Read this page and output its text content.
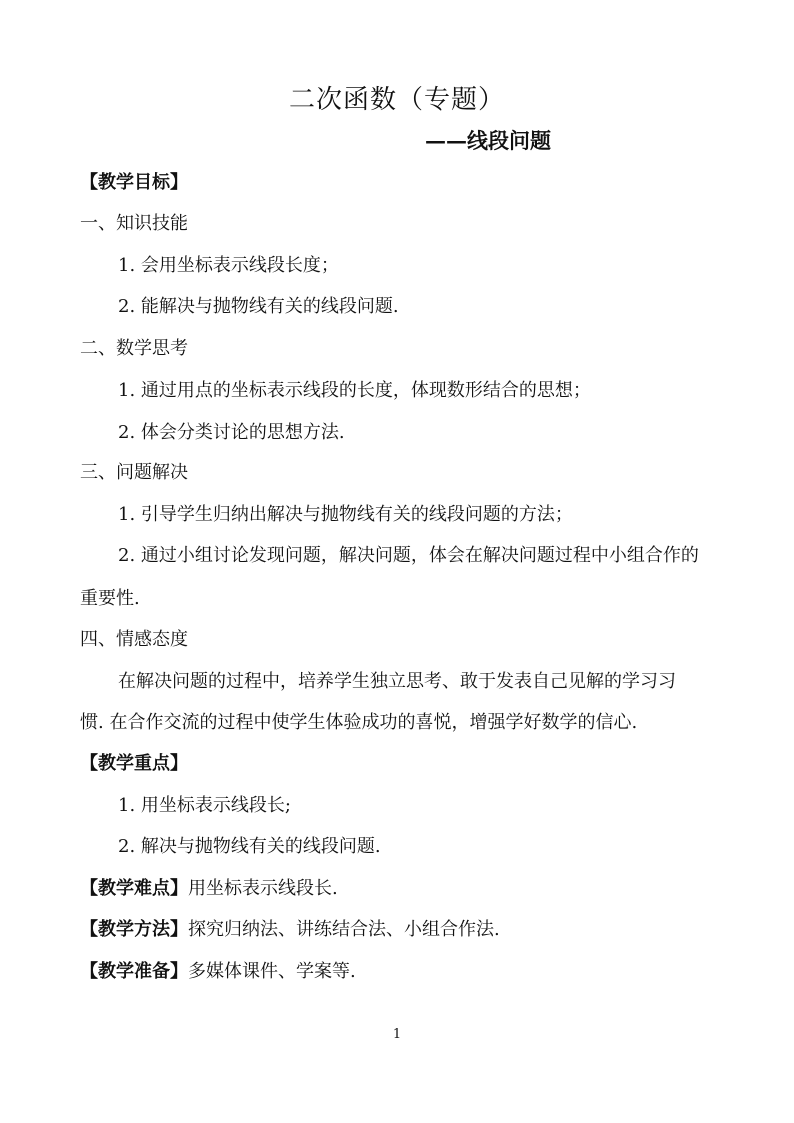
二次函数（专题）
——线段问题
【教学目标】
一、知识技能
1. 会用坐标表示线段长度；
2. 能解决与抛物线有关的线段问题.
二、数学思考
1. 通过用点的坐标表示线段的长度，体现数形结合的思想；
2. 体会分类讨论的思想方法.
三、问题解决
1. 引导学生归纳出解决与抛物线有关的线段问题的方法；
2. 通过小组讨论发现问题，解决问题，体会在解决问题过程中小组合作的
重要性.
四、情感态度
在解决问题的过程中，培养学生独立思考、敢于发表自己见解的学习习
惯. 在合作交流的过程中使学生体验成功的喜悦，增强学好数学的信心.
【教学重点】
1. 用坐标表示线段长;
2. 解决与抛物线有关的线段问题.
【教学难点】用坐标表示线段长.
【教学方法】探究归纳法、讲练结合法、小组合作法.
【教学准备】多媒体课件、学案等.
1
